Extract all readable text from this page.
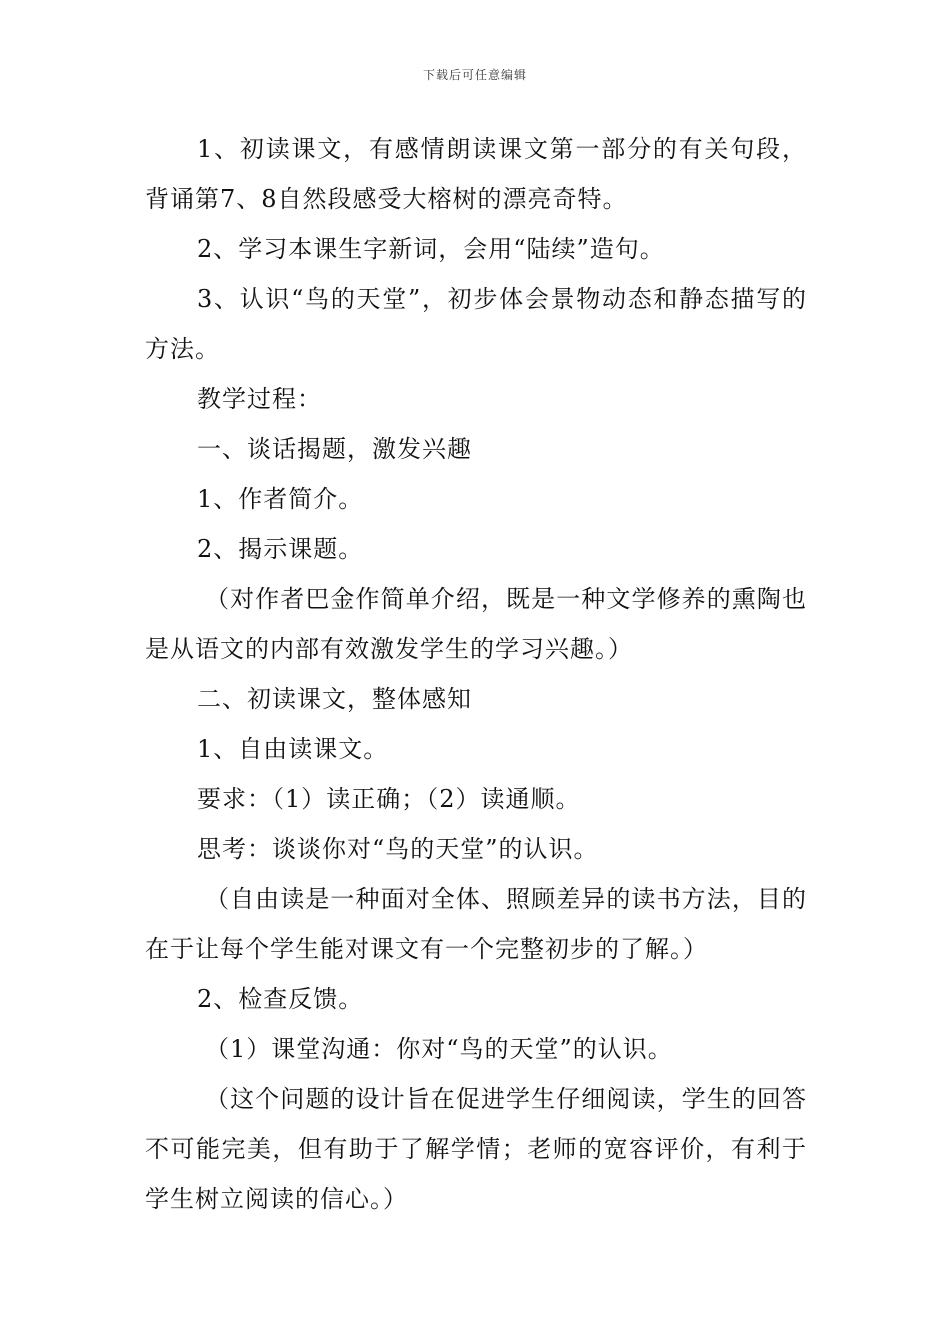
下载后可任意编辑

1、初读课文，有感情朗读课文第一部分的有关句段，背诵第7、8自然段感受大榕树的漂亮奇特。

2、学习本课生字新词，会用“陆续”造句。

3、认识“鸟的天堂”，初步体会景物动态和静态描写的方法。

教学过程：

一、谈话揭题，激发兴趣

1、作者简介。

2、揭示课题。

（对作者巴金作简单介绍，既是一种文学修养的熏陶也是从语文的内部有效激发学生的学习兴趣。）

二、初读课文，整体感知

1、自由读课文。

要求：（1）读正确；（2）读通顺。

思考：谈谈你对“鸟的天堂”的认识。

（自由读是一种面对全体、照顾差异的读书方法，目的在于让每个学生能对课文有一个完整初步的了解。）

2、检查反馈。

（1）课堂沟通：你对“鸟的天堂”的认识。

（这个问题的设计旨在促进学生仔细阅读，学生的回答不可能完美，但有助于了解学情；老师的宽容评价，有利于学生树立阅读的信心。）
